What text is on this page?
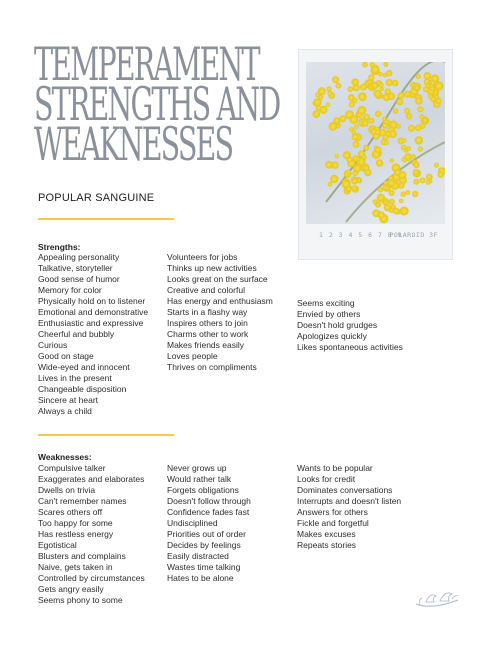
TEMPERAMENT
STRENGTHS AND
WEAKNESSES
POPULAR SANGUINE
1 2 3 4 5 6 7 8 9
POLAROID 3F
Strengths:
Appealing personality
Talkative, storyteller
Good sense of humor
Memory for color
Physically hold on to listener
Emotional and demonstrative
Enthusiastic and expressive
Cheerful and bubbly
Curious
Good on stage
Wide-eyed and innocent
Lives in the present
Changeable disposition
Sincere at heart
Always a child
Volunteers for jobs
Thinks up new activities
Looks great on the surface
Creative and colorful
Has energy and enthusiasm
Starts in a flashy way
Inspires others to join
Charms other to work
Makes friends easily
Loves people
Thrives on compliments
Seems exciting
Envied by others
Doesn't hold grudges
Apologizes quickly
Likes spontaneous activities
Weaknesses:
Compulsive talker
Exaggerates and elaborates
Dwells on trivia
Can't remember names
Scares others off
Too happy for some
Has restless energy
Egotistical
Blusters and complains
Naive, gets taken in
Controlled by circumstances
Gets angry easily
Seems phony to some
Never grows up
Would rather talk
Forgets obligations
Doesn't follow through
Confidence fades fast
Undisciplined
Priorities out of order
Decides by feelings
Easily distracted
Wastes time talking
Hates to be alone
Wants to be popular
Looks for credit
Dominates conversations
Interrupts and doesn't listen
Answers for others
Fickle and forgetful
Makes excuses
Repeats stories
